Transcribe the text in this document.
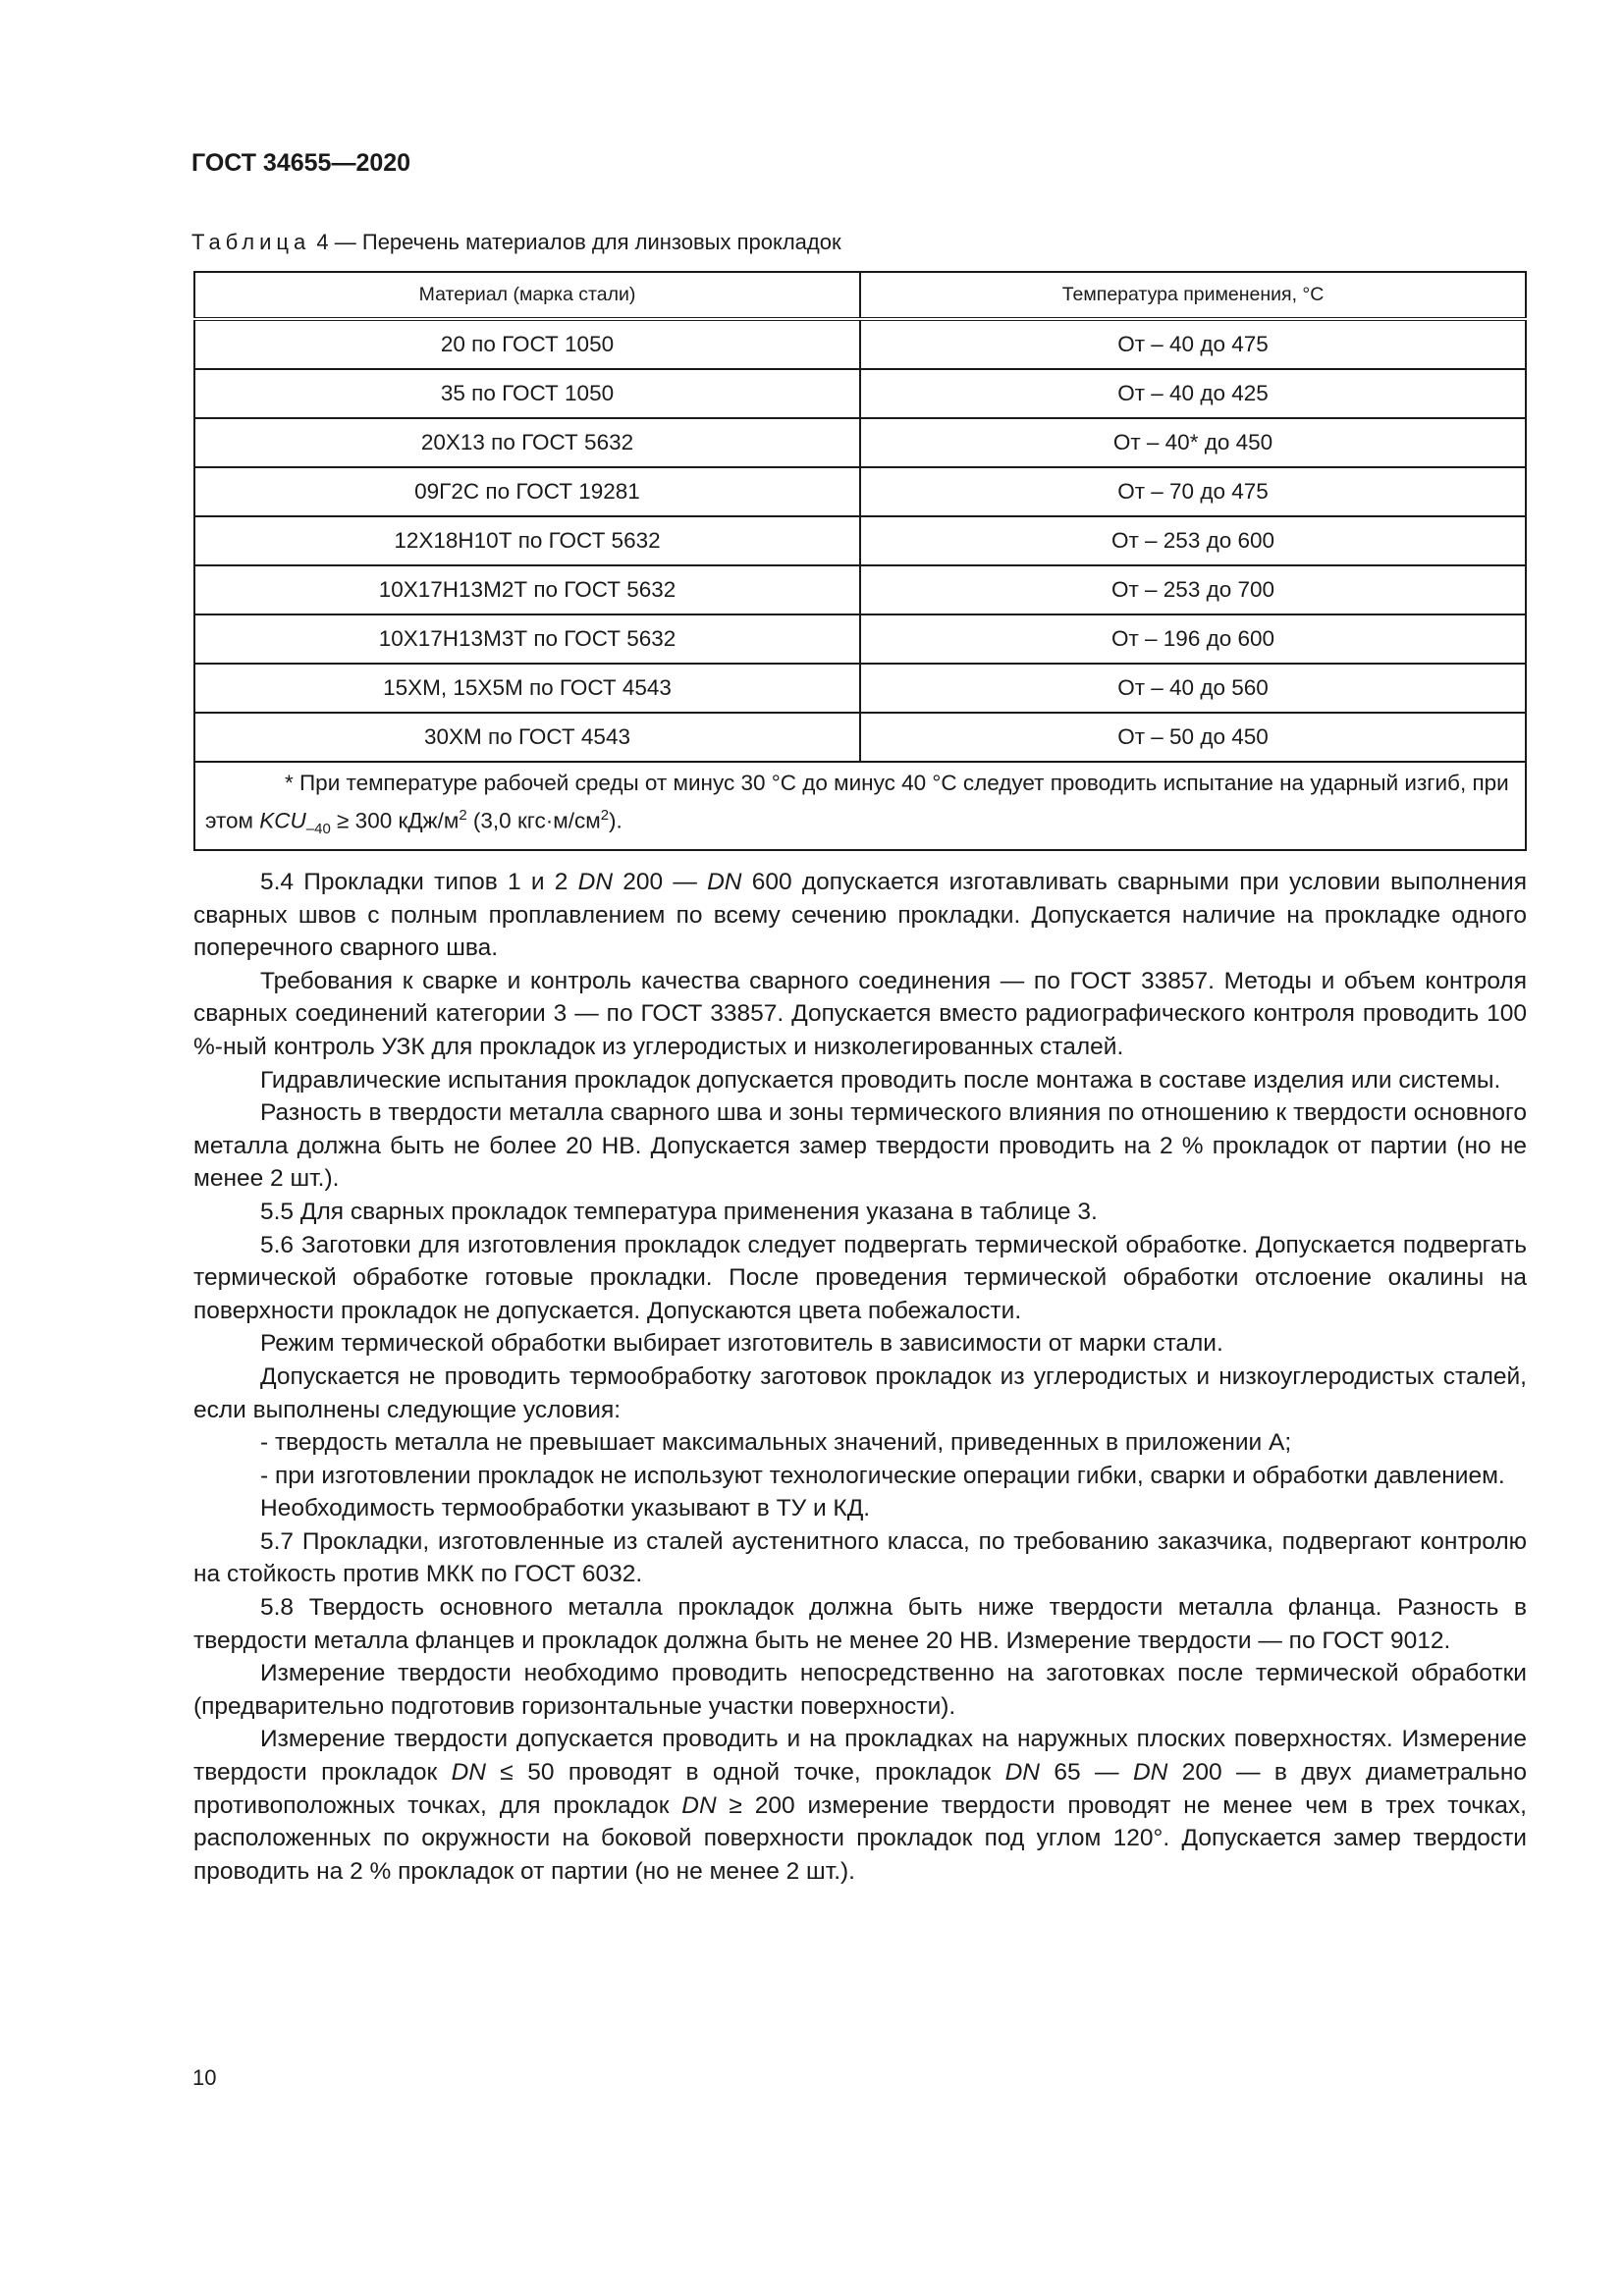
ГОСТ 34655—2020
Таблица 4 — Перечень материалов для линзовых прокладок
Материал (марка стали)	Температура применения, °С
20 по ГОСТ 1050	От – 40 до 475
35 по ГОСТ 1050	От – 40 до 425
20Х13 по ГОСТ 5632	От – 40* до 450
09Г2С по ГОСТ 19281	От – 70 до 475
12Х18Н10Т по ГОСТ 5632	От – 253 до 600
10Х17Н13М2Т по ГОСТ 5632	От – 253 до 700
10Х17Н13М3Т по ГОСТ 5632	От – 196 до 600
15ХМ, 15Х5М по ГОСТ 4543	От – 40 до 560
30ХМ по ГОСТ 4543	От – 50 до 450

* При температуре рабочей среды от минус 30 °С до минус 40 °С следует проводить испытание на ударный изгиб, при этом $KCU_{-40} \ge 300$ кДж/$м^2$ (3,0 $кгс\cdot м/см^2$).	

5.4 Прокладки типов 1 и 2 DN 200 — DN 600 допускается изготавливать сварными при условии выполнения сварных швов с полным проплавлением по всему сечению прокладки. Допускается наличие на прокладке одного поперечного сварного шва.

Требования к сварке и контроль качества сварного соединения — по ГОСТ 33857. Методы и объем контроля сварных соединений категории 3 — по ГОСТ 33857. Допускается вместо радиографического контроля проводить 100 %-ный контроль УЗК для прокладок из углеродистых и низколегированных сталей.

Гидравлические испытания прокладок допускается проводить после монтажа в составе изделия или системы.

Разность в твердости металла сварного шва и зоны термического влияния по отношению к твердости основного металла должна быть не более 20 НВ. Допускается замер твердости проводить на 2 % прокладок от партии (но не менее 2 шт.).

5.5 Для сварных прокладок температура применения указана в таблице 3.

5.6 Заготовки для изготовления прокладок следует подвергать термической обработке. Допускается подвергать термической обработке готовые прокладки. После проведения термической обработки отслоение окалины на поверхности прокладок не допускается. Допускаются цвета побежалости.

Режим термической обработки выбирает изготовитель в зависимости от марки стали.

Допускается не проводить термообработку заготовок прокладок из углеродистых и низкоуглеродистых сталей, если выполнены следующие условия:

- твердость металла не превышает максимальных значений, приведенных в приложении А;

- при изготовлении прокладок не используют технологические операции гибки, сварки и обработки давлением.

Необходимость термообработки указывают в ТУ и КД.

5.7 Прокладки, изготовленные из сталей аустенитного класса, по требованию заказчика, подвергают контролю на стойкость против МКК по ГОСТ 6032.

5.8 Твердость основного металла прокладок должна быть ниже твердости металла фланца. Разность в твердости металла фланцев и прокладок должна быть не менее 20 НВ. Измерение твердости — по ГОСТ 9012.

Измерение твердости необходимо проводить непосредственно на заготовках после термической обработки (предварительно подготовив горизонтальные участки поверхности).

Измерение твердости допускается проводить и на прокладках на наружных плоских поверхностях. Измерение твердости прокладок DN ≤ 50 проводят в одной точке, прокладок DN 65 — DN 200 — в двух диаметрально противоположных точках, для прокладок DN ≥ 200 измерение твердости проводят не менее чем в трех точках, расположенных по окружности на боковой поверхности прокладок под углом 120°. Допускается замер твердости проводить на 2 % прокладок от партии (но не менее 2 шт.).

10
